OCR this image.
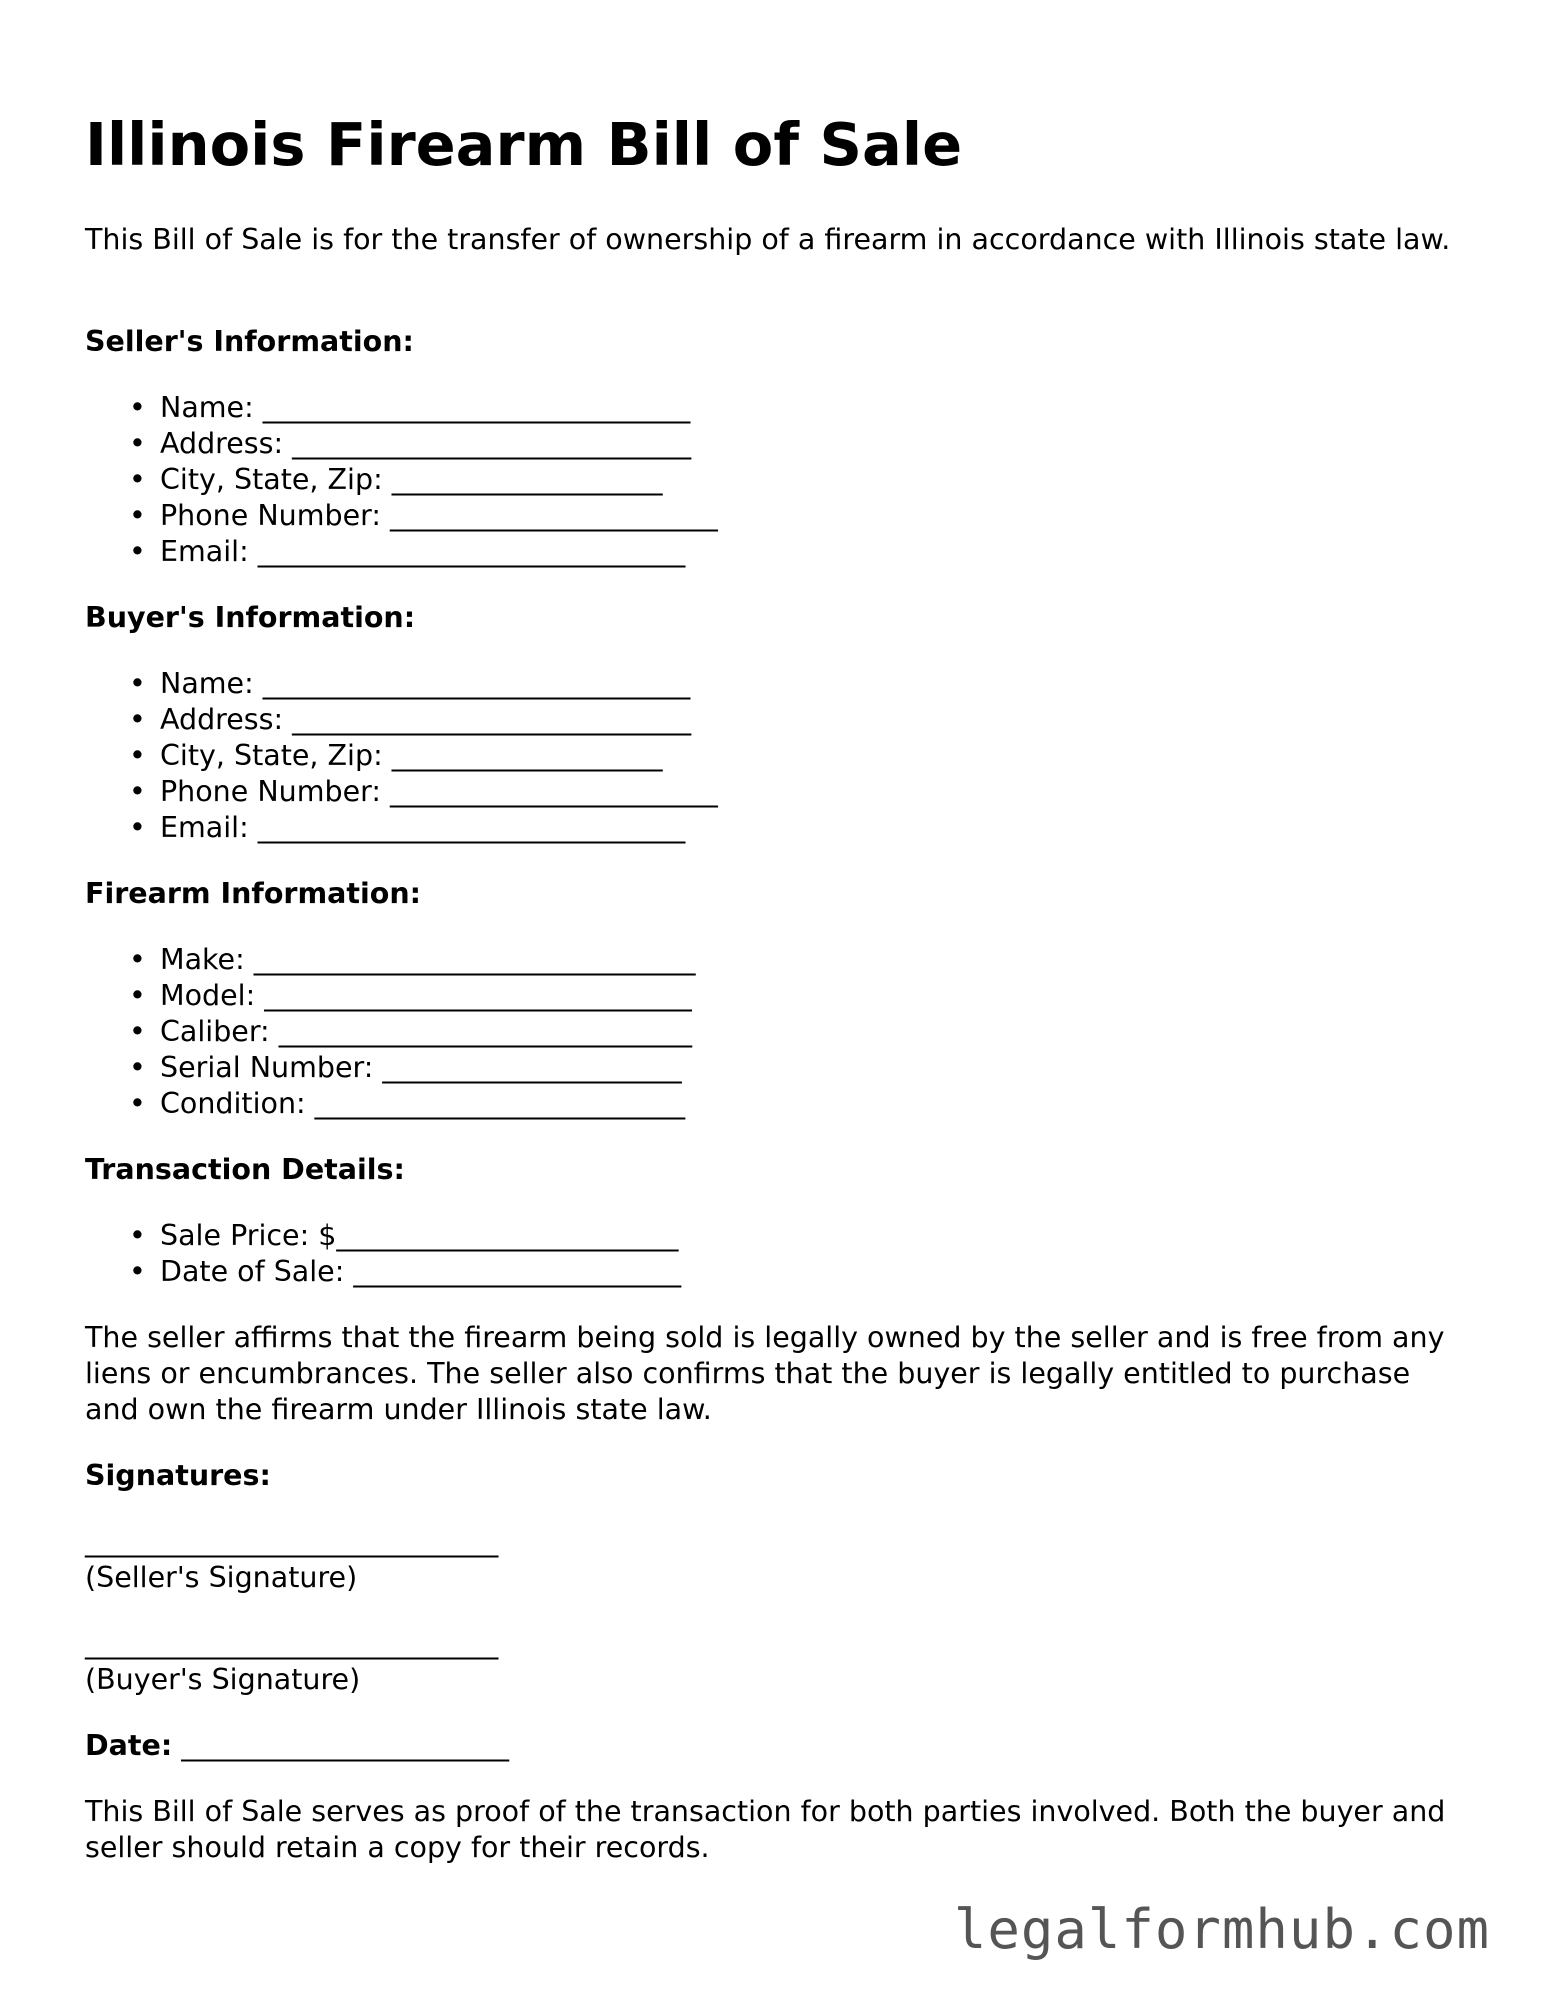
Illinois Firearm Bill of Sale

This Bill of Sale is for the transfer of ownership of a firearm in accordance with Illinois state law.

Seller's Information:
• Name: ______________________________
• Address: ____________________________
• City, State, Zip: ___________________
• Phone Number: _______________________
• Email: ______________________________
Buyer's Information:
• Name: ______________________________
• Address: ____________________________
• City, State, Zip: ___________________
• Phone Number: _______________________
• Email: ______________________________
Firearm Information:
• Make: _______________________________
• Model: ______________________________
• Caliber: _____________________________
• Serial Number: _____________________
• Condition: __________________________
Transaction Details:
• Sale Price: $________________________
• Date of Sale: _______________________

The seller affirms that the firearm being sold is legally owned by the seller and is free from any liens or encumbrances. The seller also confirms that the buyer is legally entitled to purchase and own the firearm under Illinois state law.

Signatures:
_____________________________
(Seller's Signature)
_____________________________
(Buyer's Signature)
Date: _______________________

This Bill of Sale serves as proof of the transaction for both parties involved. Both the buyer and seller should retain a copy for their records.

legalformhub.com
